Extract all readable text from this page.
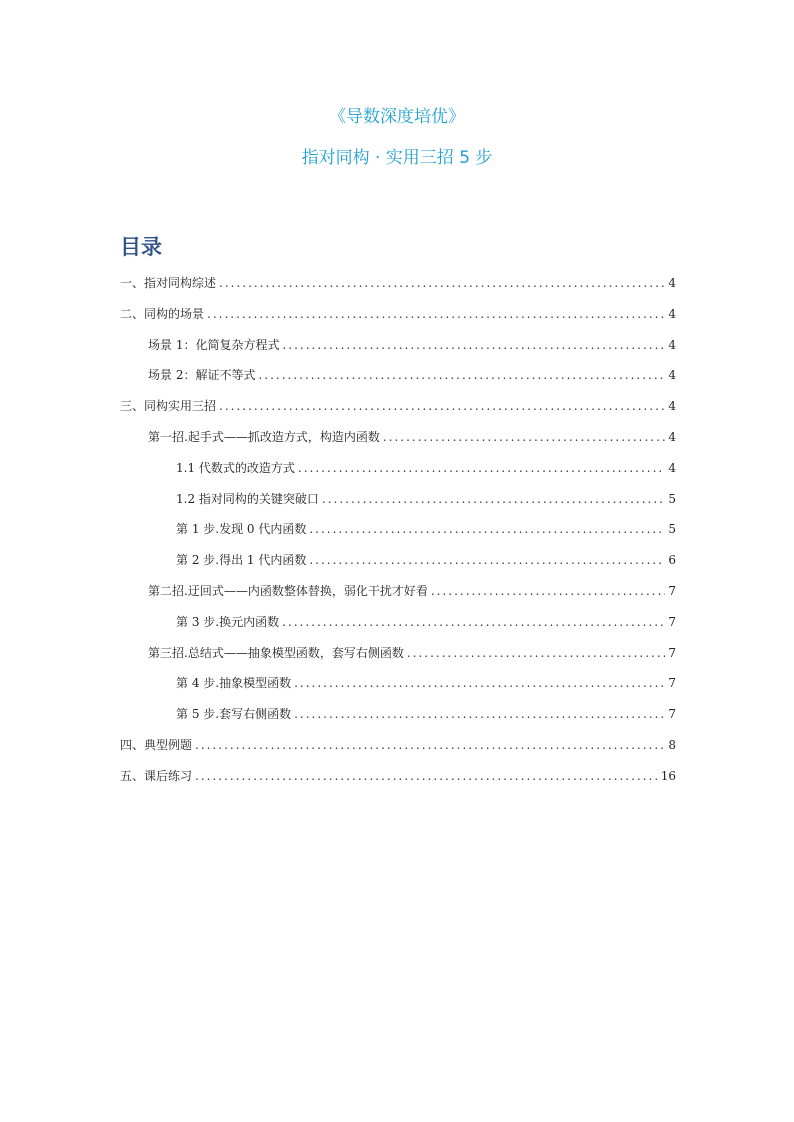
《导数深度培优》
指对同构 · 实用三招 5 步
目录
一、指对同构综述 .....	4
二、同构的场景 .....	4
场景 1：化简复杂方程式 .....	4
场景 2：解证不等式 .....	4
三、同构实用三招 .....	4
第一招.起手式——抓改造方式，构造内函数 .....	4
1.1 代数式的改造方式 .....	4
1.2 指对同构的关键突破口 .....	5
第 1 步.发现 0 代内函数 .....	5
第 2 步.得出 1 代内函数 .....	6
第二招.迂回式——内函数整体替换，弱化干扰才好看 .....	7
第 3 步.换元内函数 .....	7
第三招.总结式——抽象模型函数，套写右侧函数 .....	7
第 4 步.抽象模型函数 .....	7
第 5 步.套写右侧函数 .....	7
四、典型例题 .....	8
五、课后练习 .....	16
